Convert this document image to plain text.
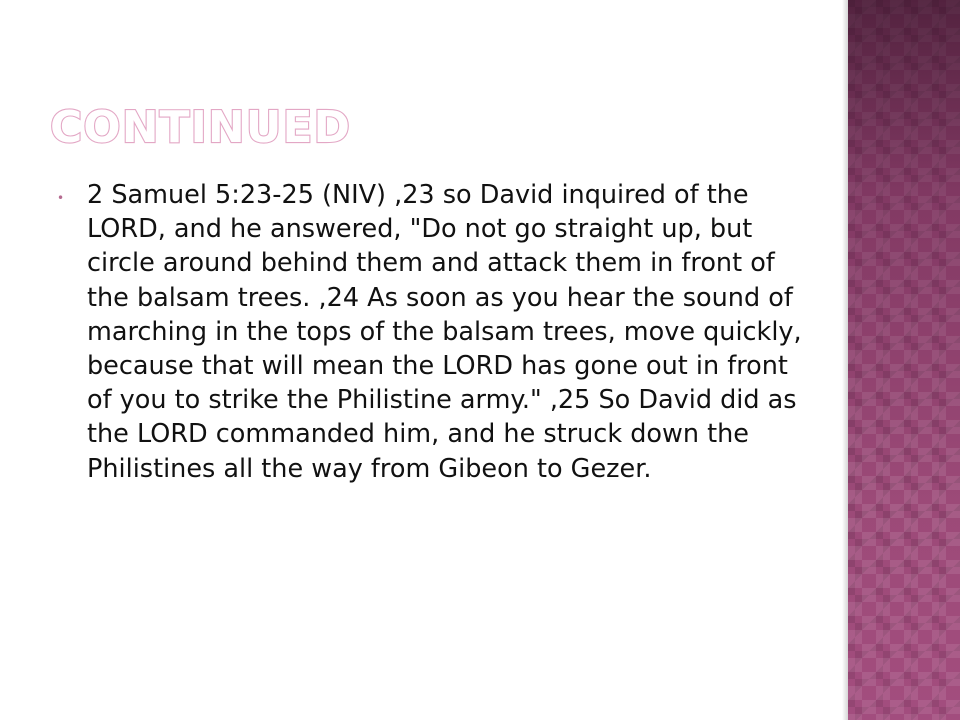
CONTINUED
• 2 Samuel 5:23-25 (NIV) ,23 so David inquired of the LORD, and he answered, "Do not go straight up, but circle around behind them and attack them in front of the balsam trees. ,24 As soon as you hear the sound of marching in the tops of the balsam trees, move quickly, because that will mean the LORD has gone out in front of you to strike the Philistine army." ,25 So David did as the LORD commanded him, and he struck down the Philistines all the way from Gibeon to Gezer.
